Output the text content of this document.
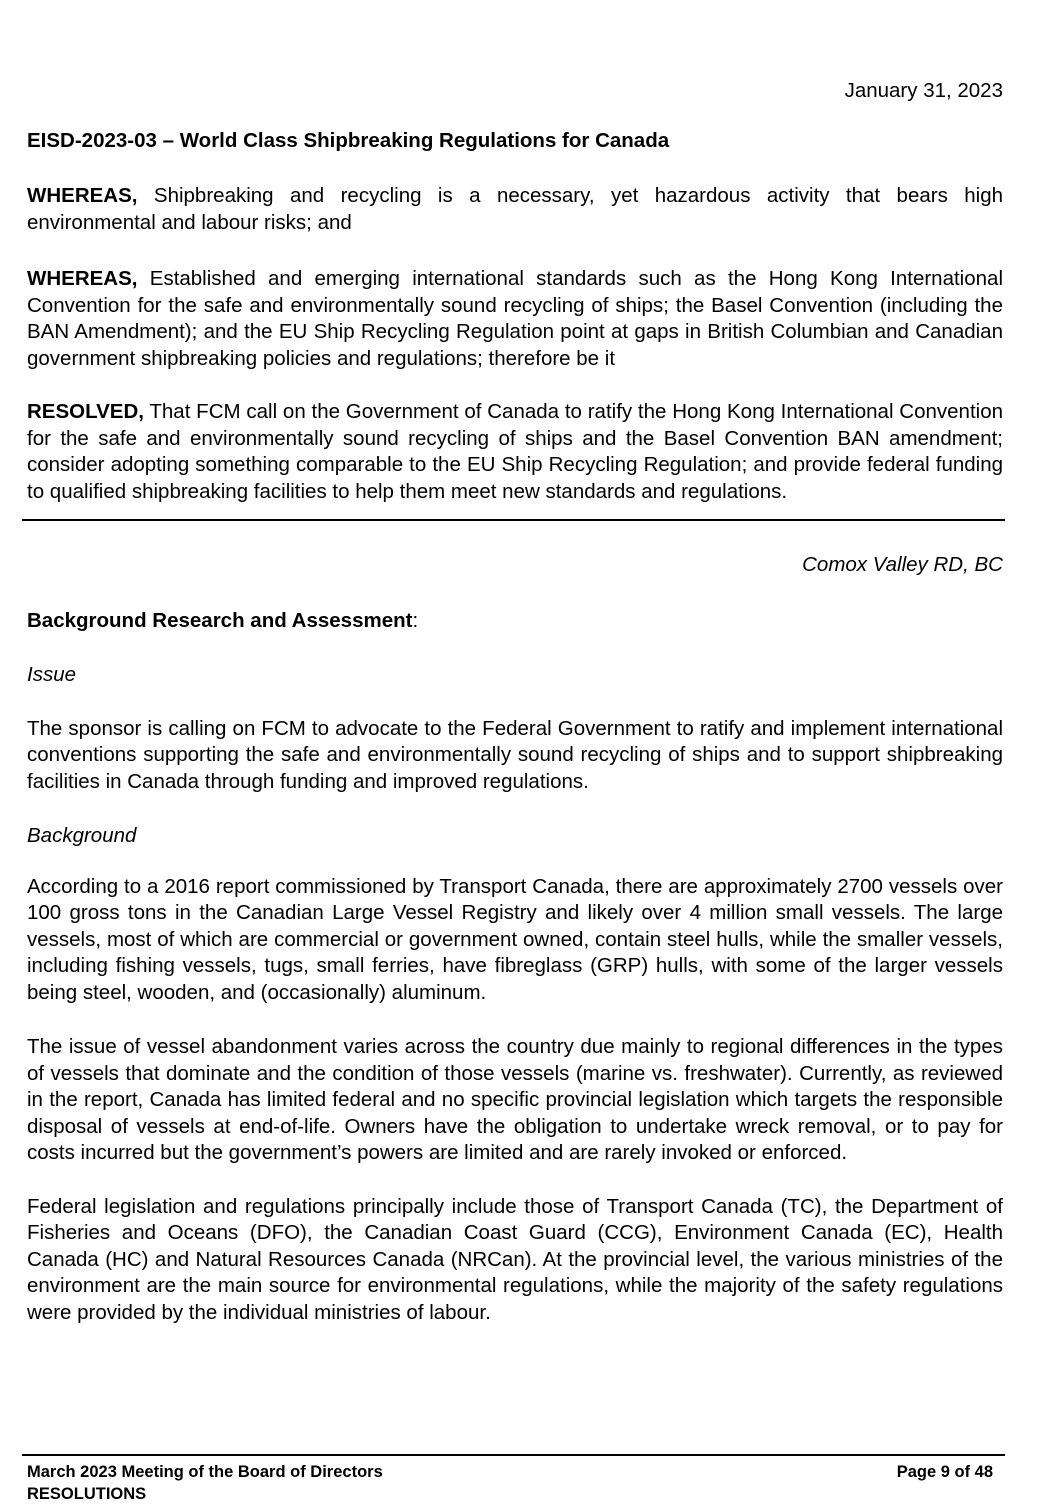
January 31, 2023
EISD-2023-03 – World Class Shipbreaking Regulations for Canada

WHEREAS, Shipbreaking and recycling is a necessary, yet hazardous activity that bears high environmental and labour risks; and

WHEREAS, Established and emerging international standards such as the Hong Kong International Convention for the safe and environmentally sound recycling of ships; the Basel Convention (including the BAN Amendment); and the EU Ship Recycling Regulation point at gaps in British Columbian and Canadian government shipbreaking policies and regulations; therefore be it

RESOLVED, That FCM call on the Government of Canada to ratify the Hong Kong International Convention for the safe and environmentally sound recycling of ships and the Basel Convention BAN amendment; consider adopting something comparable to the EU Ship Recycling Regulation; and provide federal funding to qualified shipbreaking facilities to help them meet new standards and regulations.

Comox Valley RD, BC
Background Research and Assessment:
Issue

The sponsor is calling on FCM to advocate to the Federal Government to ratify and implement international conventions supporting the safe and environmentally sound recycling of ships and to support shipbreaking facilities in Canada through funding and improved regulations.

Background

According to a 2016 report commissioned by Transport Canada, there are approximately 2700 vessels over 100 gross tons in the Canadian Large Vessel Registry and likely over 4 million small vessels. The large vessels, most of which are commercial or government owned, contain steel hulls, while the smaller vessels, including fishing vessels, tugs, small ferries, have fibreglass (GRP) hulls, with some of the larger vessels being steel, wooden, and (occasionally) aluminum.

The issue of vessel abandonment varies across the country due mainly to regional differences in the types of vessels that dominate and the condition of those vessels (marine vs. freshwater). Currently, as reviewed in the report, Canada has limited federal and no specific provincial legislation which targets the responsible disposal of vessels at end-of-life. Owners have the obligation to undertake wreck removal, or to pay for costs incurred but the government’s powers are limited and are rarely invoked or enforced.

Federal legislation and regulations principally include those of Transport Canada (TC), the Department of Fisheries and Oceans (DFO), the Canadian Coast Guard (CCG), Environment Canada (EC), Health Canada (HC) and Natural Resources Canada (NRCan). At the provincial level, the various ministries of the environment are the main source for environmental regulations, while the majority of the safety regulations were provided by the individual ministries of labour.

March 2023 Meeting of the Board of Directors
RESOLUTIONS
Page 9 of 48
